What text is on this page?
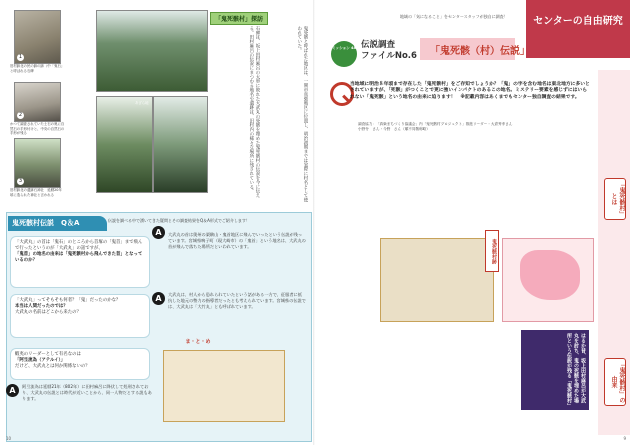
1
旧村跡北の民の跡の跡（中「鬼石」と呼ばれる石碑
2
かつて調査されていた土石の奥に自然石の手形付けと、中央の自然石の手形が残る
3
旧村跡北の遺跡石神社　延暦20年頃に造られた神社と言われる
あざら地
「鬼死骸村」探訪
石碑は、坂上田村麻呂の大軍に敗れた大武丸の死骸を埋めた鬼死骸村の伝説を今に伝える。田村麻呂の伝説にまつわる地名や遺跡は、旧村内の様々な場所に残されている。	鬼死骸と呼ばれた地区は、一関市真柴地区に位置し、明治初期までは実際に村名として使われていた。
鬼死骸村伝説　Q＆A	伝説を調べる中で湧いてきた疑問とその調査結果をQ＆A形式でご紹介します！
「大武丸」の首は「鬼石」のところから首塚の「鬼首」まで飛んで行ったというのが「大武丸」の話ですが、
「鬼首」の地名の由来は「鬼死骸村から飛んできた首」となっているのか？
A	大武丸の首は奥州の栗駒山・鬼首地区に飛んでいったという伝説が残っています。宮城県鳴子町（現大崎市）の「鬼首」という地名は、大武丸の首が飛んで落ちた場所だといわれています。
「大武丸」ってそもそも何者？「鬼」だったのかな？
本当は人間だったのでは？
大武丸の名前はどこから来たの？
A	大武丸は、村人から恐れられていたという話がある一方で、征服者に抵抗した地元の勢力の指導者だったとも考えられています。宮城県の伝説では、大武丸は「大竹丸」とも呼ばれています。
蝦夷のリーダーとして有名なのは
「阿弖流為（アテルイ）」
だけど、大武丸とは何か関係ないの？
A	阿弖流為は延暦21年（802年）に田村麻呂に降伏して処刑されており、大武丸の伝説とは時代が近いことから、同一人物だとする説もあります。
ま・と・め
10
地域の「気になること」をセンタースタッフが独自に調査！	センターの自由研究
ミッション 48 伝説調査
ファイルNo.6 「鬼死骸（村）伝説」
当地域に明治８年頃まで存在した「鬼死骸村」をご存知でしょうか？「鬼」の字を含む地名は東北地方に多いとされていますが、「死骸」がつくことで更に強いインパクトのあるこの地名。ミステリー要素を感じずにはいられない「鬼死骸」という地名の由来に迫ります！　※記載内容はあくまでもセンター独自調査の結果です。
調査協力：「真柴まちづくり協議会」内「鬼死骸村プロジェクト」推進リーダー・大倉秀孝さん
小野寺　さん・今野　さん（順不同敬称略）
「鬼死骸村」とは
「鬼死骸村」の由来
鬼死骸村跡
はるか昔、坂上田村麻呂が大武丸を討ち、鬼の死骸を埋めた場所という伝説が残る「鬼死骸村」
9
